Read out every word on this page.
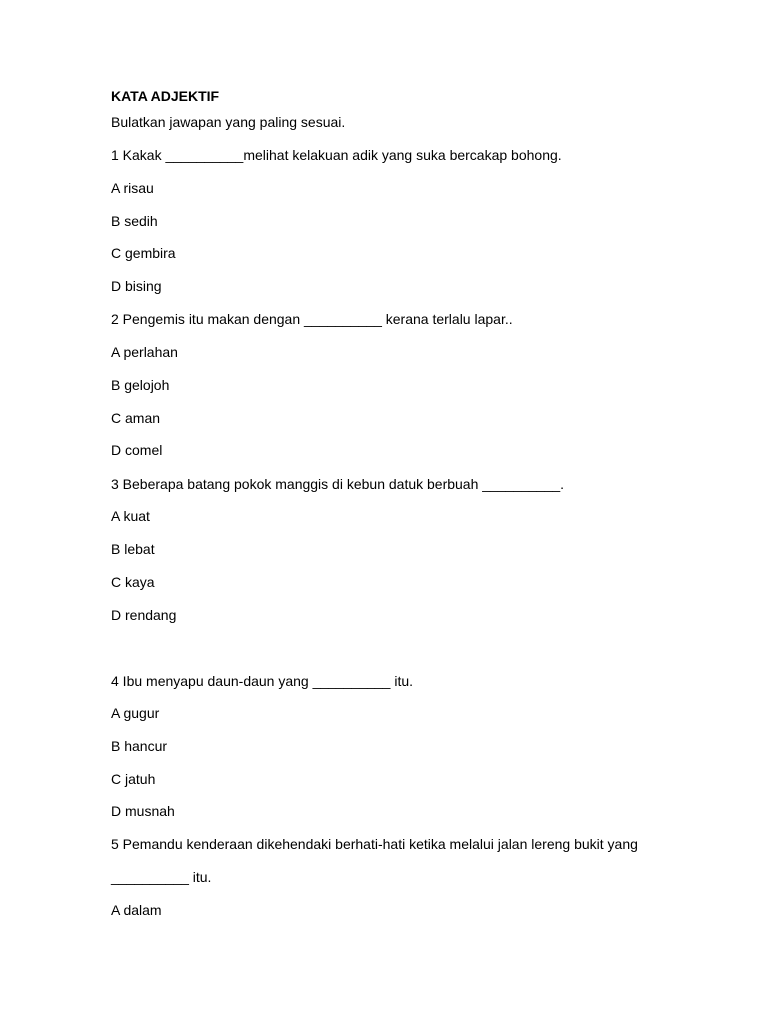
KATA ADJEKTIF

Bulatkan jawapan yang paling sesuai.

1 Kakak __________melihat kelakuan adik yang suka bercakap bohong.

A risau

B sedih

C gembira

D bising

2 Pengemis itu makan dengan __________ kerana terlalu lapar..

A perlahan

B gelojoh

C aman

D comel

3 Beberapa batang pokok manggis di kebun datuk berbuah __________.

A kuat

B lebat

C kaya

D rendang

4 Ibu menyapu daun-daun yang __________ itu.

A gugur

B hancur

C jatuh

D musnah

5 Pemandu kenderaan dikehendaki berhati-hati ketika melalui jalan lereng bukit yang

__________ itu.

A dalam
